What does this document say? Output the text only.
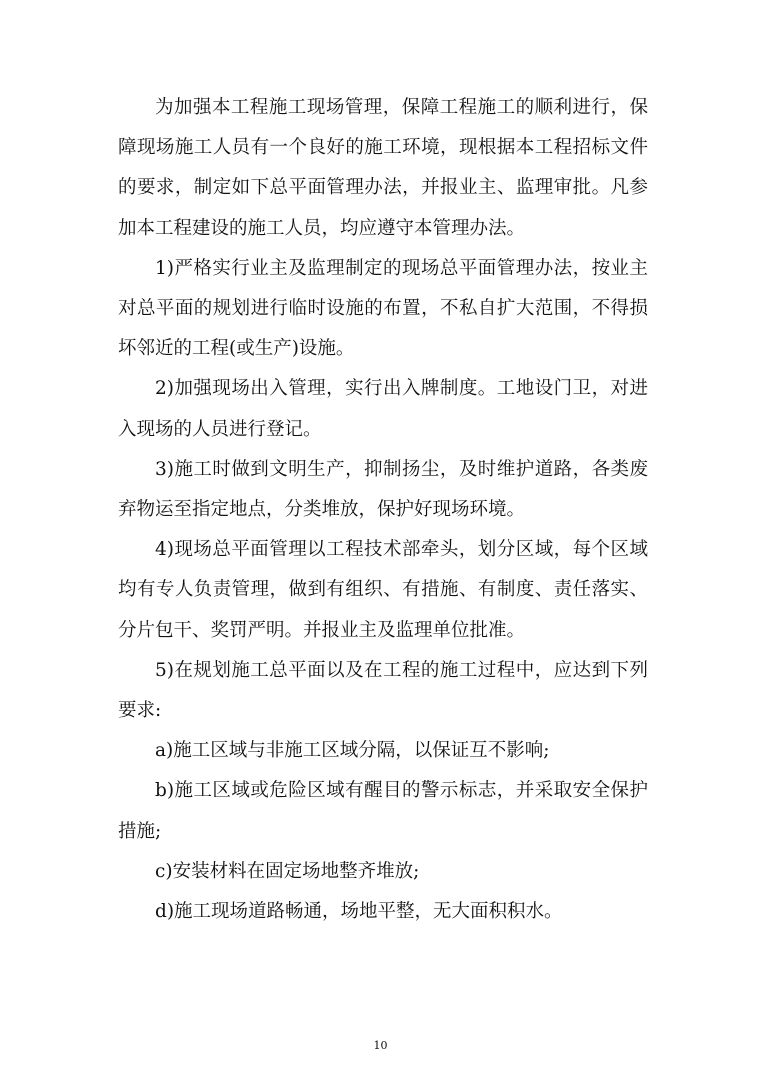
为加强本工程施工现场管理，保障工程施工的顺利进行，保障现场施工人员有一个良好的施工环境，现根据本工程招标文件的要求，制定如下总平面管理办法，并报业主、监理审批。凡参加本工程建设的施工人员，均应遵守本管理办法。

1)严格实行业主及监理制定的现场总平面管理办法，按业主对总平面的规划进行临时设施的布置，不私自扩大范围，不得损坏邻近的工程(或生产)设施。

2)加强现场出入管理，实行出入牌制度。工地设门卫，对进入现场的人员进行登记。

3)施工时做到文明生产，抑制扬尘，及时维护道路，各类废弃物运至指定地点，分类堆放，保护好现场环境。

4)现场总平面管理以工程技术部牵头，划分区域，每个区域均有专人负责管理，做到有组织、有措施、有制度、责任落实、分片包干、奖罚严明。并报业主及监理单位批准。

5)在规划施工总平面以及在工程的施工过程中，应达到下列要求:

a)施工区域与非施工区域分隔，以保证互不影响;

b)施工区域或危险区域有醒目的警示标志，并采取安全保护措施;

c)安装材料在固定场地整齐堆放;

d)施工现场道路畅通，场地平整，无大面积积水。

10
